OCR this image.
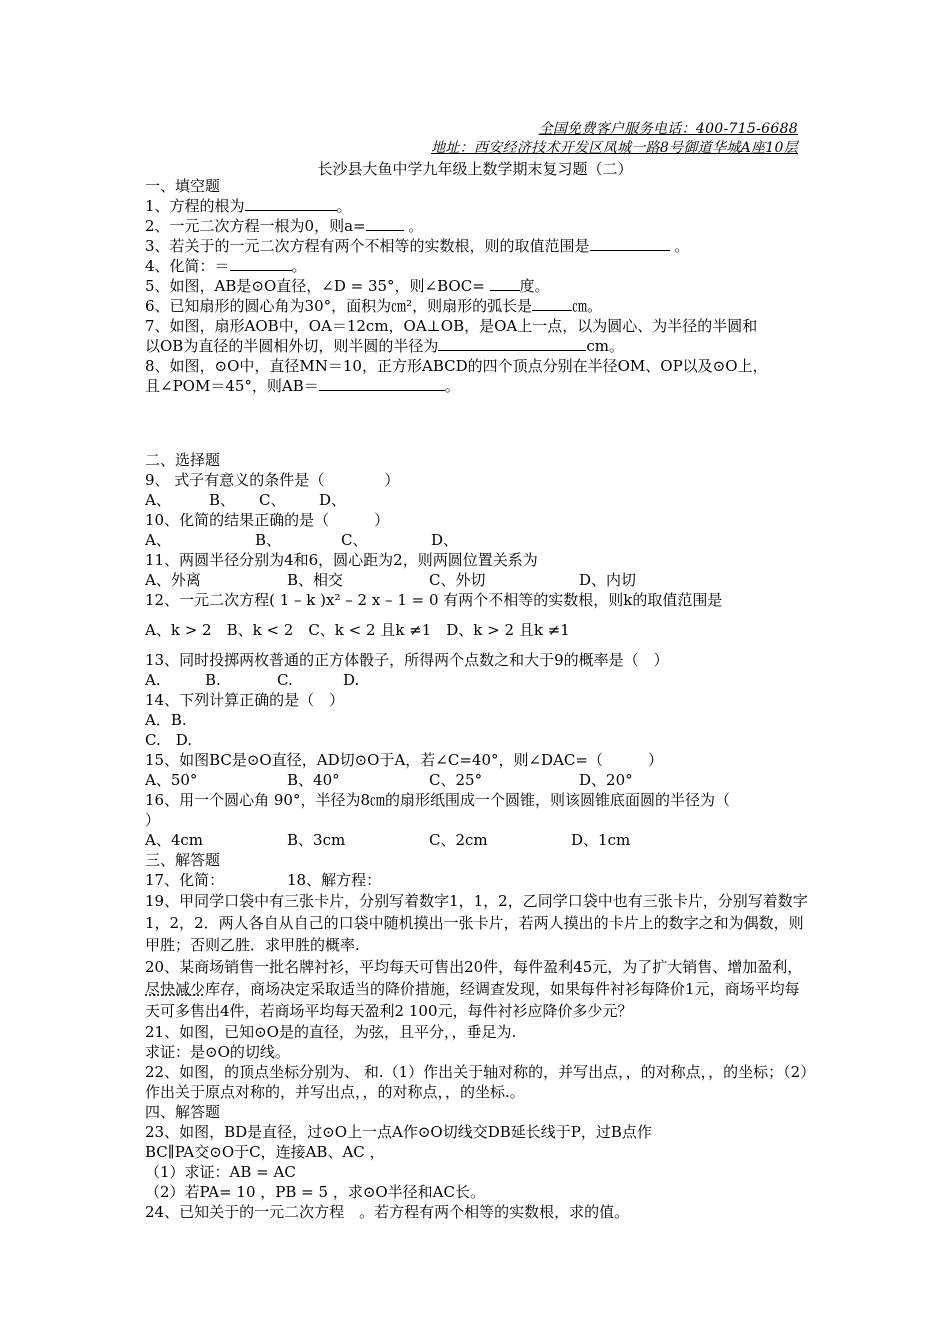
全国免费客户服务电话：400-715-6688
地址：西安经济技术开发区凤城一路8号御道华城A座10层
长沙县大鱼中学九年级上数学期末复习题（二）
一、填空题
1、方程的根为	。
2、一元二次方程一根为0，则a=	。
3、若关于的一元二次方程有两个不相等的实数根，则的取值范围是	。
4、化简：＝	。
5、如图，AB是⊙O直径，∠D = 35°，则∠BOC= 度。
6、已知扇形的圆心角为30°，面积为㎝²，则扇形的弧长是	㎝。
7、如图，扇形AOB中，OA＝12cm，OA⊥OB，是OA上一点，以为圆心、为半径的半圆和
以OB为直径的半圆相外切，则半圆的半径为	cm。
8、如图，⊙O中，直径MN＝10，正方形ABCD的四个顶点分别在半径OM、OP以及⊙O上，
且∠POM＝45°，则AB＝	。
二、选择题
9、 式子有意义的条件是（　　　　）
A、	B、 C、 D、
10、化简的结果正确的是（　　　）
A、	B、	C、	D、
11、两圆半径分别为4和6，圆心距为2，则两圆位置关系为
A、外离	B、相交	C、外切	D、内切
12、一元二次方程( 1 – k )x² – 2 x – 1 = 0 有两个不相等的实数根，则k的取值范围是
A、k > 2　B、k < 2　C、k < 2 且k ≠1　D、k > 2 且k ≠1
13、同时投掷两枚普通的正方体骰子，所得两个点数之和大于9的概率是（　）
A.	B.	C.	D.
14、下列计算正确的是（　）
A．B.
C.　D.
15、如图BC是⊙O直径，AD切⊙O于A，若∠C=40°，则∠DAC=（　　　）
A、50°	B、40°	C、25°	D、20°
16、用一个圆心角 90°，半径为8㎝的扇形纸围成一个圆锥，则该圆锥底面圆的半径为（
）
A、4cm	B、3cm	C、2cm	D、1cm
三、解答题
17、化简：	18、解方程：
19、甲同学口袋中有三张卡片，分别写着数字1，1，2，乙同学口袋中也有三张卡片，分别写着数字1，2，2．两人各自从自己的口袋中随机摸出一张卡片，若两人摸出的卡片上的数字之和为偶数，则甲胜；否则乙胜．求甲胜的概率.
20、某商场销售一批名牌衬衫，平均每天可售出20件，每件盈利45元，为了扩大销售、增加盈利，尽快减少库存，商场决定采取适当的降价措施，经调查发现，如果每件衬衫每降价1元，商场平均每天可多售出4件，若商场平均每天盈利2 100元，每件衬衫应降价多少元？
21、如图，已知⊙O是的直径，为弦，且平分，，垂足为.
求证：是⊙O的切线。
22、如图，的顶点坐标分别为、 和.（1）作出关于轴对称的，并写出点，，的对称点，，的坐标；（2）作出关于原点对称的，并写出点，，的对称点，，的坐标.。
四、解答题
23、如图，BD是直径，过⊙O上一点A作⊙O切线交DB延长线于P，过B点作
BC∥PA交⊙O于C，连接AB、AC ，
（1）求证：AB = AC
（2）若PA= 10 ，PB = 5 ，求⊙O半径和AC长。
24、已知关于的一元二次方程　。若方程有两个相等的实数根，求的值。
